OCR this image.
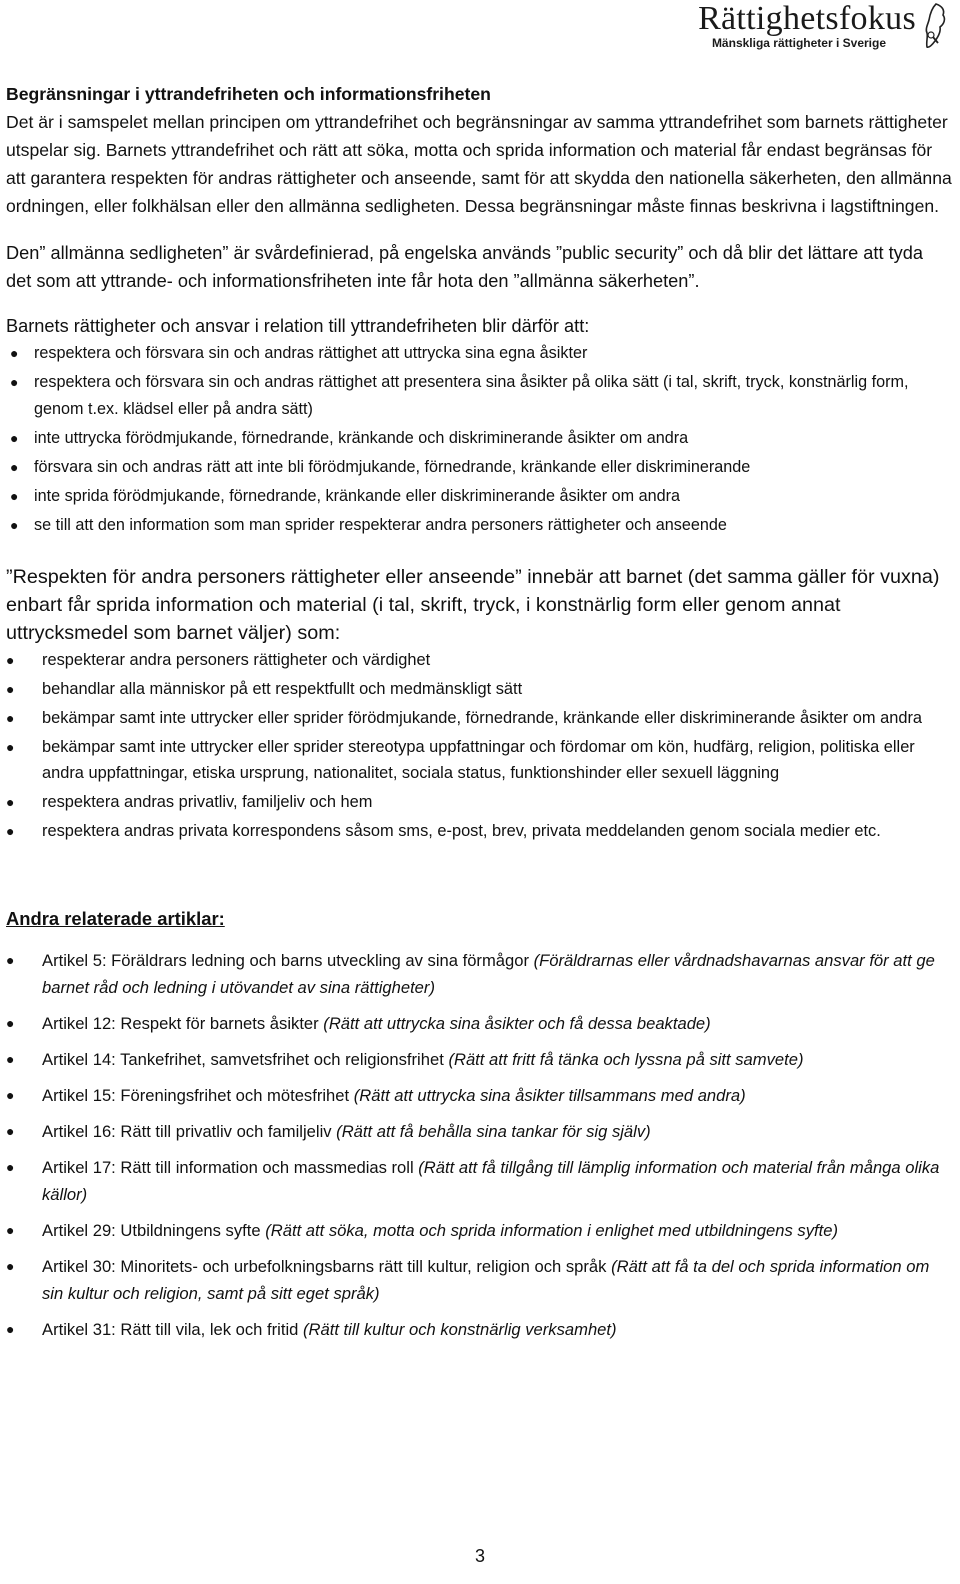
Rättighetsfokus
Mänskliga rättigheter i Sverige

Begränsningar i yttrandefriheten och informationsfriheten

Det är i samspelet mellan principen om yttrandefrihet och begränsningar av samma yttrandefrihet som barnets rättigheter utspelar sig. Barnets yttrandefrihet och rätt att söka, motta och sprida information och material får endast begränsas för att garantera respekten för andras rättigheter och anseende, samt för att skydda den nationella säkerheten, den allmänna ordningen, eller folkhälsan eller den allmänna sedligheten. Dessa begränsningar måste finnas beskrivna i lagstiftningen.

Den” allmänna sedligheten” är svårdefinierad, på engelska används ”public security” och då blir det lättare att tyda det som att yttrande- och informationsfriheten inte får hota den ”allmänna säkerheten”.

Barnets rättigheter och ansvar i relation till yttrandefriheten blir därför att:

● respektera och försvara sin och andras rättighet att uttrycka sina egna åsikter
● respektera och försvara sin och andras rättighet att presentera sina åsikter på olika sätt (i tal, skrift, tryck, konstnärlig form, genom t.ex. klädsel eller på andra sätt)
● inte uttrycka förödmjukande, förnedrande, kränkande och diskriminerande åsikter om andra
● försvara sin och andras rätt att inte bli förödmjukande, förnedrande, kränkande eller diskriminerande
● inte sprida förödmjukande, förnedrande, kränkande eller diskriminerande åsikter om andra
● se till att den information som man sprider respekterar andra personers rättigheter och anseende

”Respekten för andra personers rättigheter eller anseende” innebär att barnet (det samma gäller för vuxna) enbart får sprida information och material (i tal, skrift, tryck, i konstnärlig form eller genom annat uttrycksmedel som barnet väljer) som:

● respekterar andra personers rättigheter och värdighet
● behandlar alla människor på ett respektfullt och medmänskligt sätt
● bekämpar samt inte uttrycker eller sprider förödmjukande, förnedrande, kränkande eller diskriminerande åsikter om andra
● bekämpar samt inte uttrycker eller sprider stereotypa uppfattningar och fördomar om kön, hudfärg, religion, politiska eller andra uppfattningar, etiska ursprung, nationalitet, sociala status, funktionshinder eller sexuell läggning
● respektera andras privatliv, familjeliv och hem
● respektera andras privata korrespondens såsom sms, e-post, brev, privata meddelanden genom sociala medier etc.

Andra relaterade artiklar:

● Artikel 5: Föräldrars ledning och barns utveckling av sina förmågor (Föräldrarnas eller vårdnadshavarnas ansvar för att ge barnet råd och ledning i utövandet av sina rättigheter)
● Artikel 12: Respekt för barnets åsikter (Rätt att uttrycka sina åsikter och få dessa beaktade)
● Artikel 14: Tankefrihet, samvetsfrihet och religionsfrihet (Rätt att fritt få tänka och lyssna på sitt samvete)
● Artikel 15: Föreningsfrihet och mötesfrihet (Rätt att uttrycka sina åsikter tillsammans med andra)
● Artikel 16: Rätt till privatliv och familjeliv (Rätt att få behålla sina tankar för sig själv)
● Artikel 17: Rätt till information och massmedias roll (Rätt att få tillgång till lämplig information och material från många olika källor)
● Artikel 29: Utbildningens syfte (Rätt att söka, motta och sprida information i enlighet med utbildningens syfte)
● Artikel 30: Minoritets- och urbefolkningsbarns rätt till kultur, religion och språk (Rätt att få ta del och sprida information om sin kultur och religion, samt på sitt eget språk)
● Artikel 31: Rätt till vila, lek och fritid (Rätt till kultur och konstnärlig verksamhet)
3
